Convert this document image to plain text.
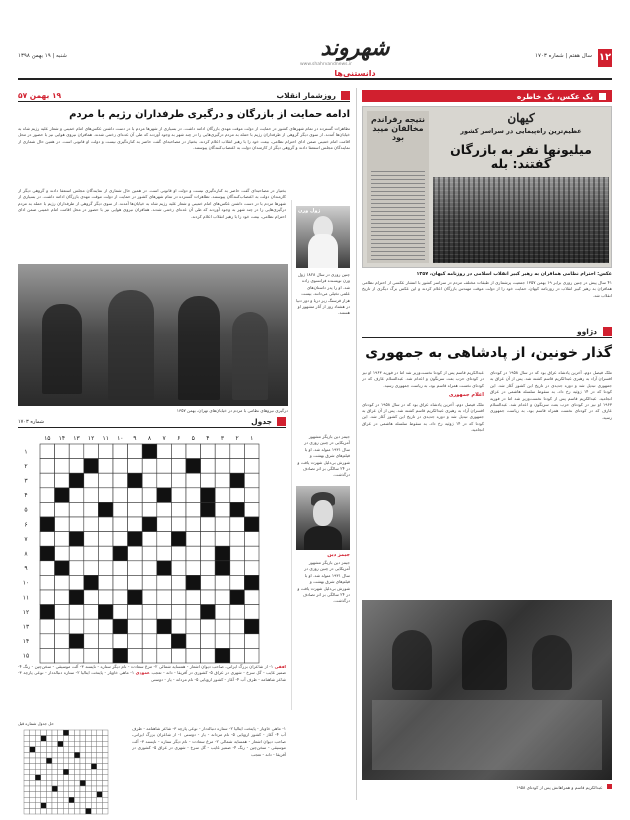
۱۲
سال هفتم | شماره ۱۷۰۳
شهروند دانستنی‌ها
www.shahrvandnews.ir
شنبه | ۱۹ بهمن ۱۳۹۸
یک عکس، یک خاطره
نتیجه رفراندم مخالفان میبد بود
کیهان
عظیم‌ترین راه‌پیمایی در سراسر کشور
میلیونها نفر به بازرگان گفتند: بله
عکس: احترام نظامی همافران به رهبر کبیر انقلاب اسلامی در روزنامه کیهان، ۱۳۵۷
۴۱ سال پیش در چنین روزی برابر ۱۹ بهمن ۱۳۵۷ جمعیت پرشماری از طبقات مختلف مردم در سراسر کشور با انتشار عکسی از احترام نظامی همافران به رهبر کبیر انقلاب در روزنامه کیهان، حمایت خود را از دولت موقت مهندس بازرگان اعلام کردند و این عکس برگ دیگری از تاریخ انقلاب شد.
دژاوو
گذار خونین، از پادشاهی به جمهوری
ملک فیصل دوم، آخرین پادشاه عراق بود که در سال ۱۹۵۸ در کودتای افسران آزاد به رهبری عبدالکریم قاسم کشته شد. پس از آن عراق به جمهوری تبدیل شد و دوره جدیدی در تاریخ این کشور آغاز شد. این کودتا که در ۱۴ ژوئیه رخ داد، به سقوط سلسله هاشمی در عراق انجامید. عبدالکریم قاسم پس از کودتا نخست‌وزیر شد اما در فوریه ۱۹۶۳ او نیز در کودتای حزب بعث سرنگون و اعدام شد. عبدالسلام عارف که در کودتای نخست همراه قاسم بود، به ریاست جمهوری رسید.
عبدالکریم قاسم پس از کودتا نخست‌وزیر شد اما در فوریه ۱۹۶۳ او نیز در کودتای حزب بعث سرنگون و اعدام شد. عبدالسلام عارف که در کودتای نخست همراه قاسم بود، به ریاست جمهوری رسید.
اعلام جمهوری
ملک فیصل دوم، آخرین پادشاه عراق بود که در سال ۱۹۵۸ در کودتای افسران آزاد به رهبری عبدالکریم قاسم کشته شد. پس از آن عراق به جمهوری تبدیل شد و دوره جدیدی در تاریخ این کشور آغاز شد. این کودتا که در ۱۴ ژوئیه رخ داد، به سقوط سلسله هاشمی در عراق انجامید.
عبدالکریم قاسم و همراهانش پس از کودتای ۱۹۵۸
روزشمار انقلاب
۱۹ بهمن ۵۷
ادامه حمایت از بازرگان و درگیری طرفداران رژیم با مردم
تظاهرات گسترده در تمام شهرهای کشور در حمایت از دولت موقت مهدی بازرگان ادامه داشت. در بسیاری از شهرها مردم با در دست داشتن عکس‌های امام خمینی و شعار علیه رژیم شاه به خیابان‌ها آمدند. از سوی دیگر گروهی از طرفداران رژیم با حمله به مردم درگیری‌هایی را در چند شهر به وجود آوردند که طی آن عده‌ای زخمی شدند. همافران نیروی هوایی نیز با حضور در محل اقامت امام خمینی ضمن ادای احترام نظامی، بیعت خود را با رهبر انقلاب اعلام کردند. بختیار در مصاحبه‌ای گفت حاضر به کناره‌گیری نیست و دولت او قانونی است. در همین حال شماری از نمایندگان مجلس استعفا دادند و گروهی دیگر از کارمندان دولت به اعتصاب‌کنندگان پیوستند.
بختیار در مصاحبه‌ای گفت حاضر به کناره‌گیری نیست و دولت او قانونی است. در همین حال شماری از نمایندگان مجلس استعفا دادند و گروهی دیگر از کارمندان دولت به اعتصاب‌کنندگان پیوستند. تظاهرات گسترده در تمام شهرهای کشور در حمایت از دولت موقت مهدی بازرگان ادامه داشت. در بسیاری از شهرها مردم با در دست داشتن عکس‌های امام خمینی و شعار علیه رژیم شاه به خیابان‌ها آمدند. از سوی دیگر گروهی از طرفداران رژیم با حمله به مردم درگیری‌هایی را در چند شهر به وجود آوردند که طی آن عده‌ای زخمی شدند. همافران نیروی هوایی نیز با حضور در محل اقامت امام خمینی ضمن ادای احترام نظامی، بیعت خود را با رهبر انقلاب اعلام کردند.
ژول ورن
چنین روزی در سال ۱۸۲۸ ژول ورن نویسنده فرانسوی زاده شد. او را پدر داستان‌های علمی تخیلی می‌دانند. بیست هزار فرسنگ زیر دریا و دور دنیا در هشتاد روز از آثار مشهور او هستند.
درگیری نیروهای نظامی با مردم در خیابان‌های تهران، بهمن ۱۳۵۷
جدول
شماره ۱۷۰۳
۱
۱
۲
۲
۳
۳
۴
۴
۵
۵
۶
۶
۷
۷
۸
۸
۹
۹
۱۰
۱۰
۱۱
۱۱
۱۲
۱۲
۱۳
۱۳
۱۴
۱۴
۱۵
۱۵
افقی ۱- از شاعران بزرگ ایرانی، صاحب دیوان اشعار - همسایه شمالی ۲- مرغ سعادت - نام دیگر ستاره - ناپسند ۳- آلت موسیقی - سخن‌چین - رنگ ۴- ضمیر غایب - گل سرخ - شهری در عراق ۵- کشوری در آفریقا - دانه - تعجب عمودی ۱- ماهی خاویار - پایتخت ایتالیا ۲- ستاره دنباله‌دار - نوعی پارچه ۳- شاعر شاهنامه - ظرف آب ۴- آغاز - کشور اروپایی ۵- نام مردانه - یار - دوستی
۱- ماهی خاویار - پایتخت ایتالیا ۲- ستاره دنباله‌دار - نوعی پارچه ۳- شاعر شاهنامه - ظرف آب ۴- آغاز - کشور اروپایی ۵- نام مردانه - یار - دوستی ۱- از شاعران بزرگ ایرانی، صاحب دیوان اشعار - همسایه شمالی ۲- مرغ سعادت - نام دیگر ستاره - ناپسند ۳- آلت موسیقی - سخن‌چین - رنگ ۴- ضمیر غایب - گل سرخ - شهری در عراق ۵- کشوری در آفریقا - دانه - تعجب
حل جدول شماره قبل
جیمز دین بازیگر مشهور آمریکایی در چنین روزی در سال ۱۹۳۱ متولد شد. او با فیلم‌های شرق بهشت و شورش بی‌دلیل شهرت یافت و در ۲۴ سالگی بر اثر تصادف درگذشت.
جیمز دین
جیمز دین بازیگر مشهور آمریکایی در چنین روزی در سال ۱۹۳۱ متولد شد. او با فیلم‌های شرق بهشت و شورش بی‌دلیل شهرت یافت و در ۲۴ سالگی بر اثر تصادف درگذشت.
